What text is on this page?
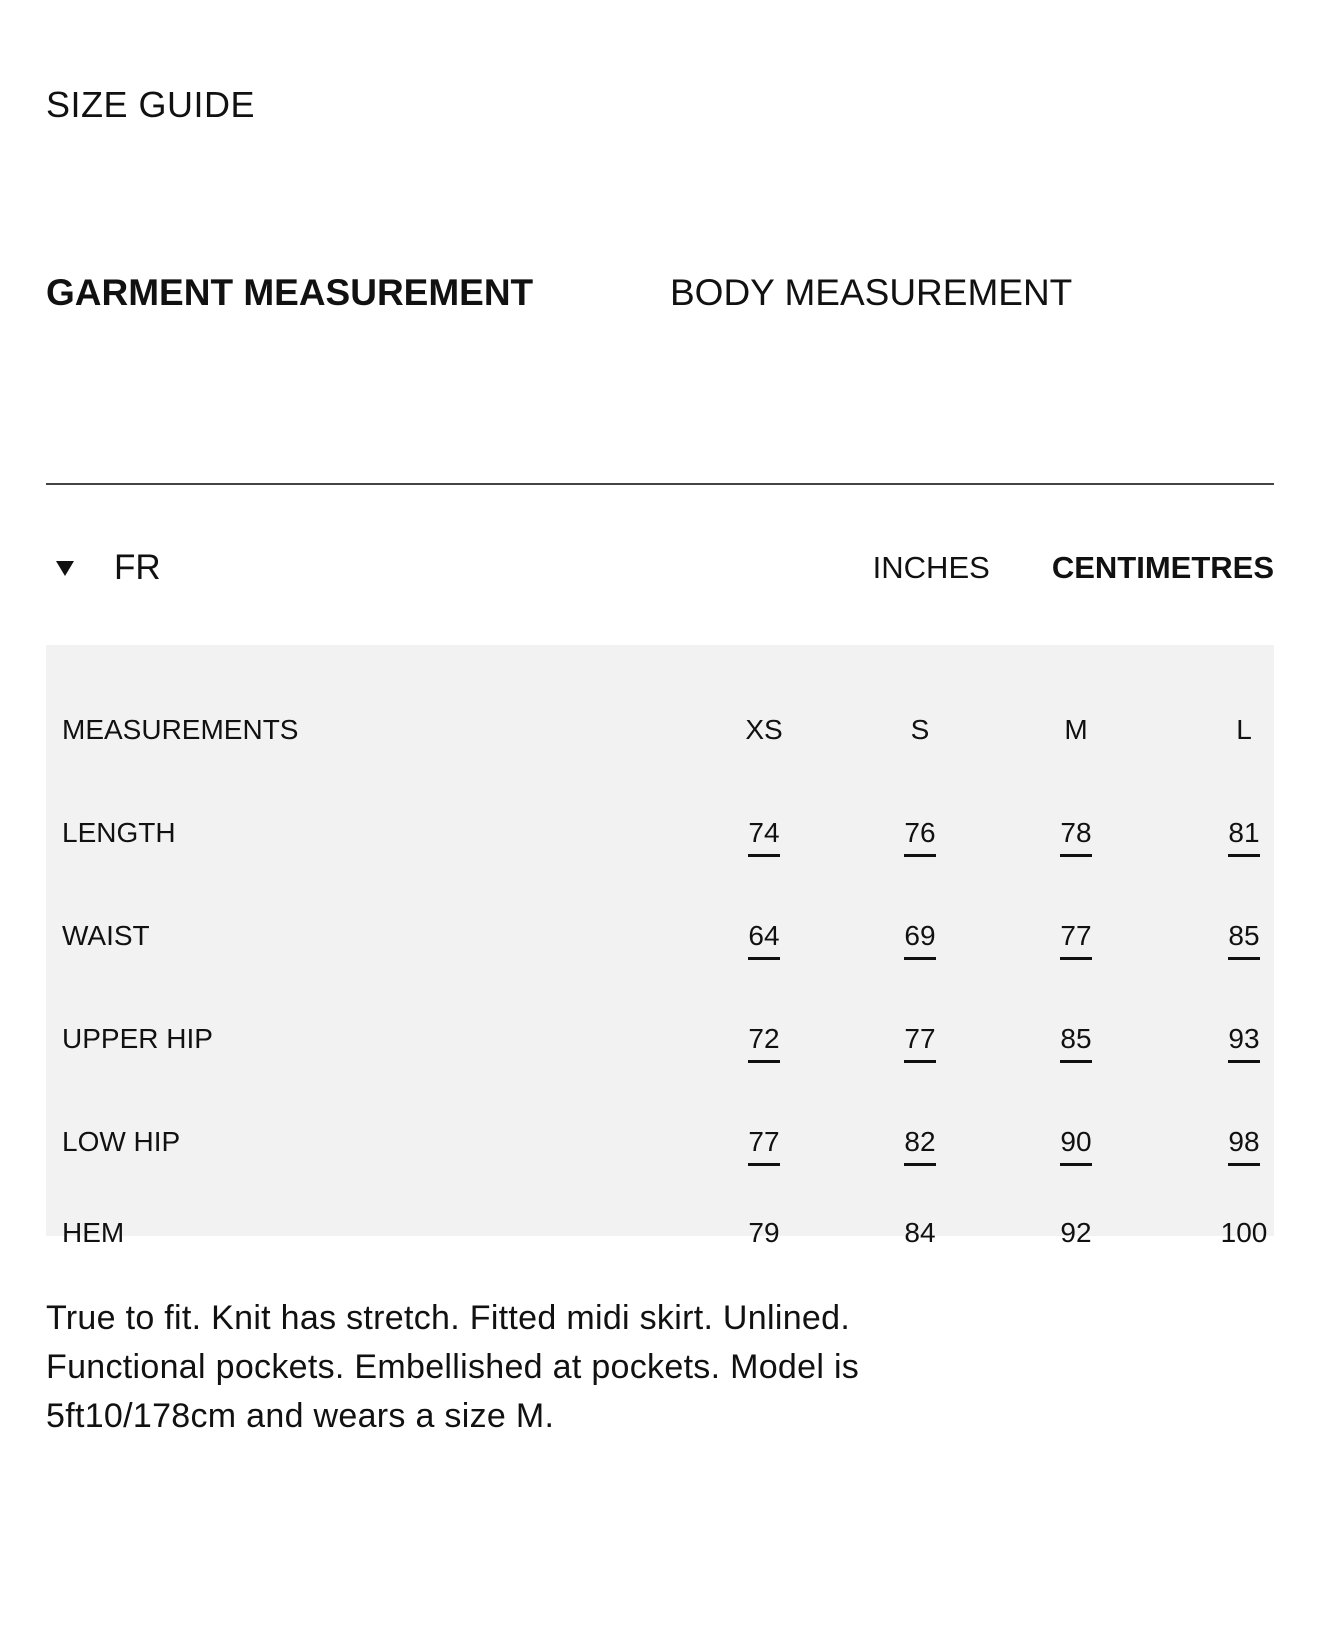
SIZE GUIDE
GARMENT MEASUREMENT	BODY MEASUREMENT
FR	INCHES CENTIMETRES
MEASUREMENTS	XS	S	M	L
LENGTH	74	76	78	81
WAIST	64	69	77	85
UPPER HIP	72	77	85	93
LOW HIP	77	82	90	98
HEM	79	84	92	100
True to fit. Knit has stretch. Fitted midi skirt. Unlined. Functional pockets. Embellished at pockets. Model is 5ft10/178cm and wears a size M.
